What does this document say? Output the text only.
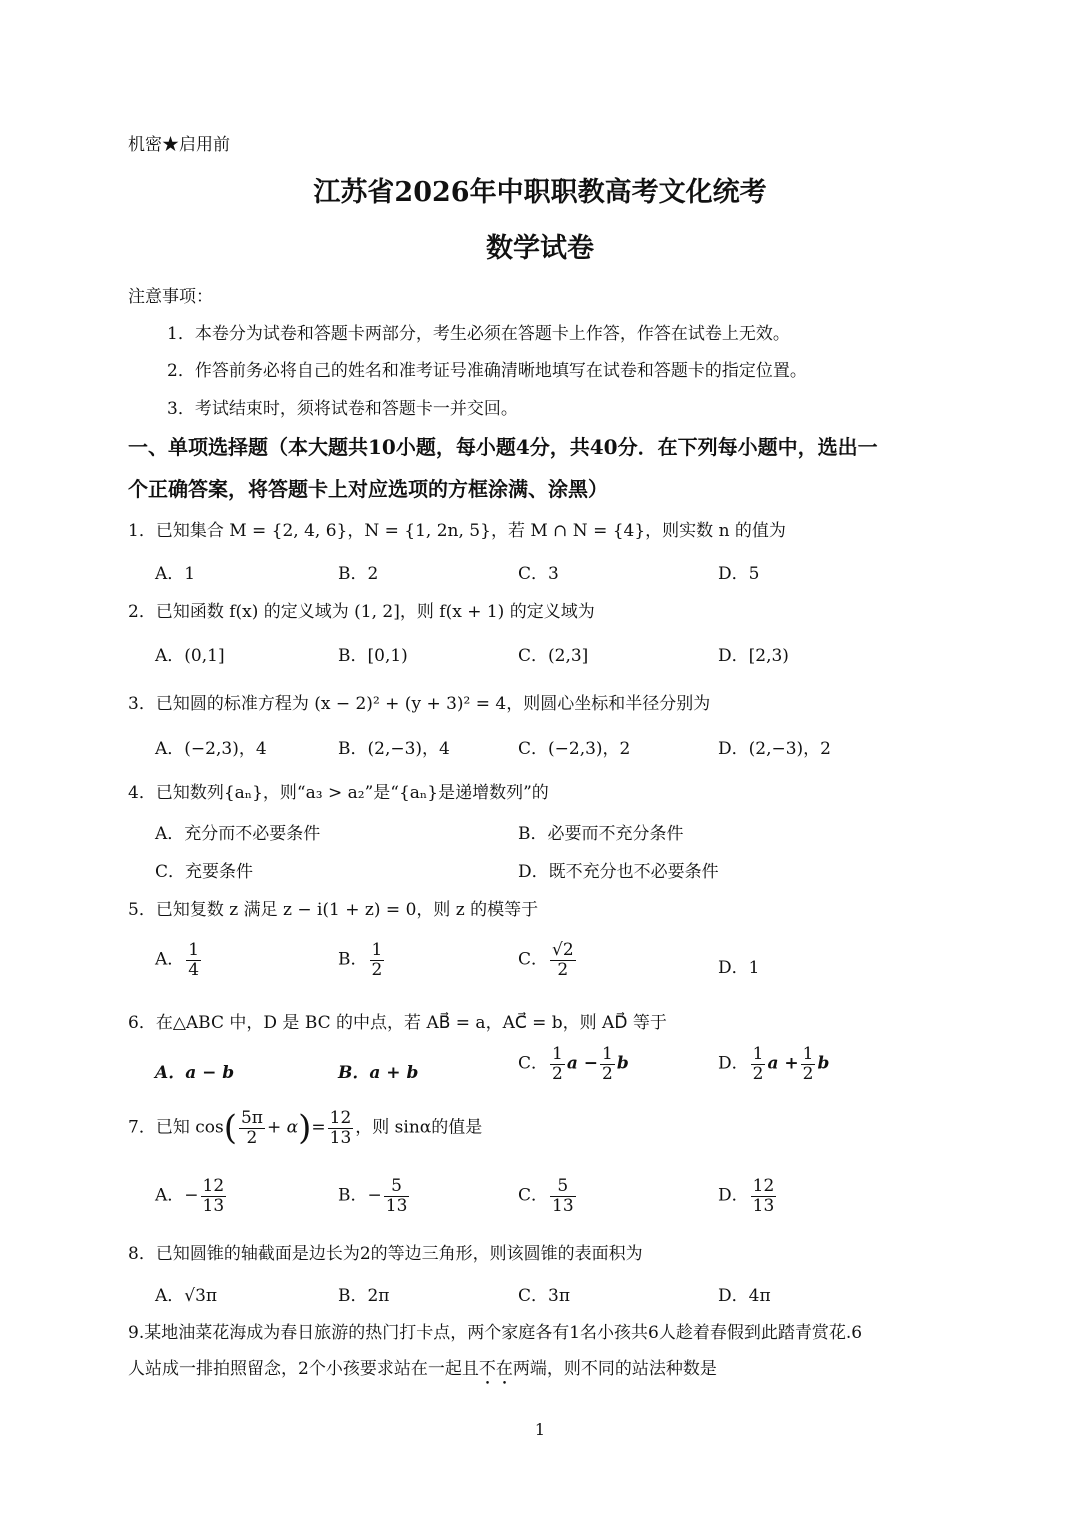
机密★启用前
江苏省2026年中职职教高考文化统考
数学试卷
注意事项：
1．本卷分为试卷和答题卡两部分，考生必须在答题卡上作答，作答在试卷上无效。
2．作答前务必将自己的姓名和准考证号准确清晰地填写在试卷和答题卡的指定位置。
3．考试结束时，须将试卷和答题卡一并交回。
一、单项选择题（本大题共10小题，每小题4分，共40分．在下列每小题中，选出一
个正确答案，将答题卡上对应选项的方框涂满、涂黑）
1．已知集合 M = {2, 4, 6}，N = {1, 2n, 5}，若 M ∩ N = {4}，则实数 n 的值为
A．1	B．2	C．3	D．5
2．已知函数 f(x) 的定义域为 (1, 2]，则 f(x + 1) 的定义域为
A．(0,1]	B．[0,1)	C．(2,3]	D．[2,3)
3．已知圆的标准方程为 (x − 2)² + (y + 3)² = 4，则圆心坐标和半径分别为
A．(−2,3)，4	B．(2,−3)，4	C．(−2,3)，2	D．(2,−3)，2
4．已知数列{aₙ}，则“a₃ > a₂”是“{aₙ}是递增数列”的
A．充分而不必要条件	B．必要而不充分条件
C．充要条件	D．既不充分也不必要条件
5．已知复数 z 满足 z − i(1 + z) = 0，则 z 的模等于
A． $\frac{1}{4}$	B． $\frac{1}{2}$	C． $\frac{√2}{2}$	D．1
6．在△ABC 中，D 是 BC 的中点，若 AB⃗ = a，AC⃗ = b，则 AD⃗ 等于
A．a − b	B．a + b	C． $\frac{1}{2}$ $a - \frac{1}{2}$ b	D． $\frac{1}{2}$ $a + \frac{1}{2}$ b
7．已知 $\cos( \frac{5\pi}{2} + \alpha)= \frac{12}{13}$ ，则 sinα的值是
A．− $\frac{12}{13}$	B．− $\frac{5}{13}$	C． $\frac{5}{13}$	D． $\frac{12}{13}$
8．已知圆锥的轴截面是边长为2的等边三角形，则该圆锥的表面积为
A．√3π	B．2π	C．3π	D．4π
9.某地油菜花海成为春日旅游的热门打卡点，两个家庭各有1名小孩共6人趁着春假到此踏青赏花.6
人站成一排拍照留念，2个小孩要求站在一起且不在两端，则不同的站法种数是
1
